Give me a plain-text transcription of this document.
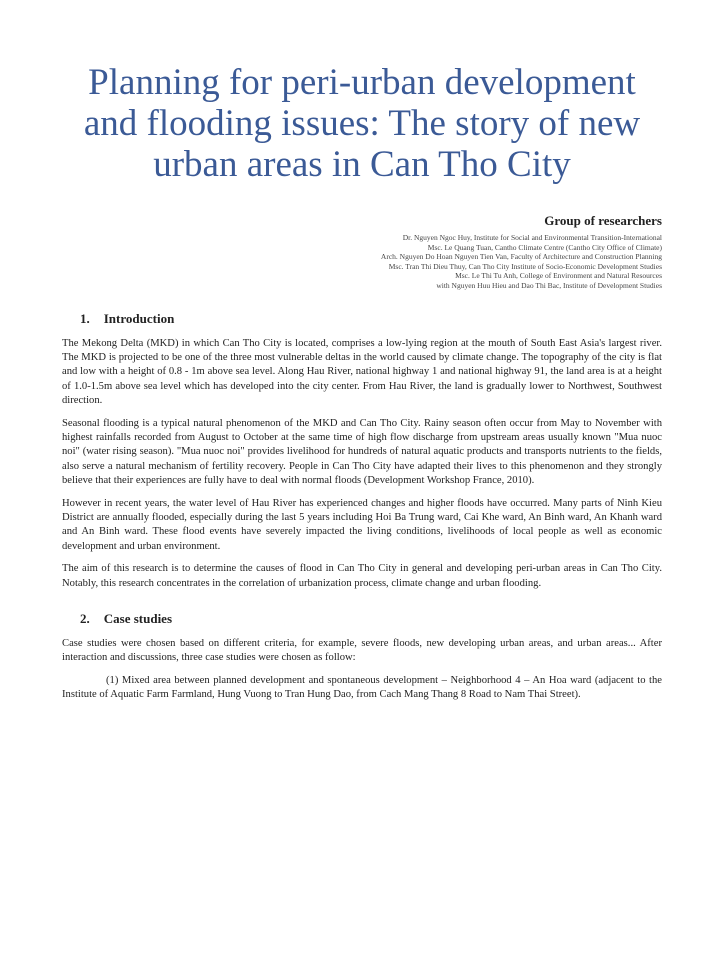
Planning for peri-urban development and flooding issues: The story of new urban areas in Can Tho City
Group of researchers
Dr. Nguyen Ngoc Huy, Institute for Social and Environmental Transition-International
Msc. Le Quang Tuan, Cantho Climate Centre (Cantho City Office of Climate)
Arch. Nguyen Do Hoan Nguyen Tien Van, Faculty of Architecture and Construction Planning
Msc. Tran Thi Dieu Thuy, Can Tho City Institute of Socio-Economic Development Studies
Msc. Le Thi Tu Anh, College of Environment and Natural Resources
with Nguyen Huu Hieu and Dao Thi Bac, Institute of Development Studies
1. Introduction

The Mekong Delta (MKD) in which Can Tho City is located, comprises a low-lying region at the mouth of South East Asia's largest river. The MKD is projected to be one of the three most vulnerable deltas in the world caused by climate change. The topography of the city is flat and low with a height of 0.8 - 1m above sea level. Along Hau River, national highway 1 and national highway 91, the land area is at a height of 1.0-1.5m above sea level which has developed into the city center. From Hau River, the land is gradually lower to Northwest, Southwest direction.

Seasonal flooding is a typical natural phenomenon of the MKD and Can Tho City. Rainy season often occur from May to November with highest rainfalls recorded from August to October at the same time of high flow discharge from upstream areas usually known "Mua nuoc noi" (water rising season). "Mua nuoc noi" provides livelihood for hundreds of natural aquatic products and transports nutrients to the fields, also serve a natural mechanism of fertility recovery. People in Can Tho City have adapted their lives to this phenomenon and they strongly believe that their experiences are fully have to deal with normal floods (Development Workshop France, 2010).

However in recent years, the water level of Hau River has experienced changes and higher floods have occurred. Many parts of Ninh Kieu District are annually flooded, especially during the last 5 years including Hoi Ba Trung ward, Cai Khe ward, An Binh ward, An Khanh ward and An Binh ward. These flood events have severely impacted the living conditions, livelihoods of local people as well as economic development and urban environment.

The aim of this research is to determine the causes of flood in Can Tho City in general and developing peri-urban areas in Can Tho City. Notably, this research concentrates in the correlation of urbanization process, climate change and urban flooding.

2. Case studies

Case studies were chosen based on different criteria, for example, severe floods, new developing urban areas, and urban areas... After interaction and discussions, three case studies were chosen as follow:

(1) Mixed area between planned development and spontaneous development – Neighborhood 4 – An Hoa ward (adjacent to the Institute of Aquatic Farm Farmland, Hung Vuong to Tran Hung Dao, from Cach Mang Thang 8 Road to Nam Thai Street).
